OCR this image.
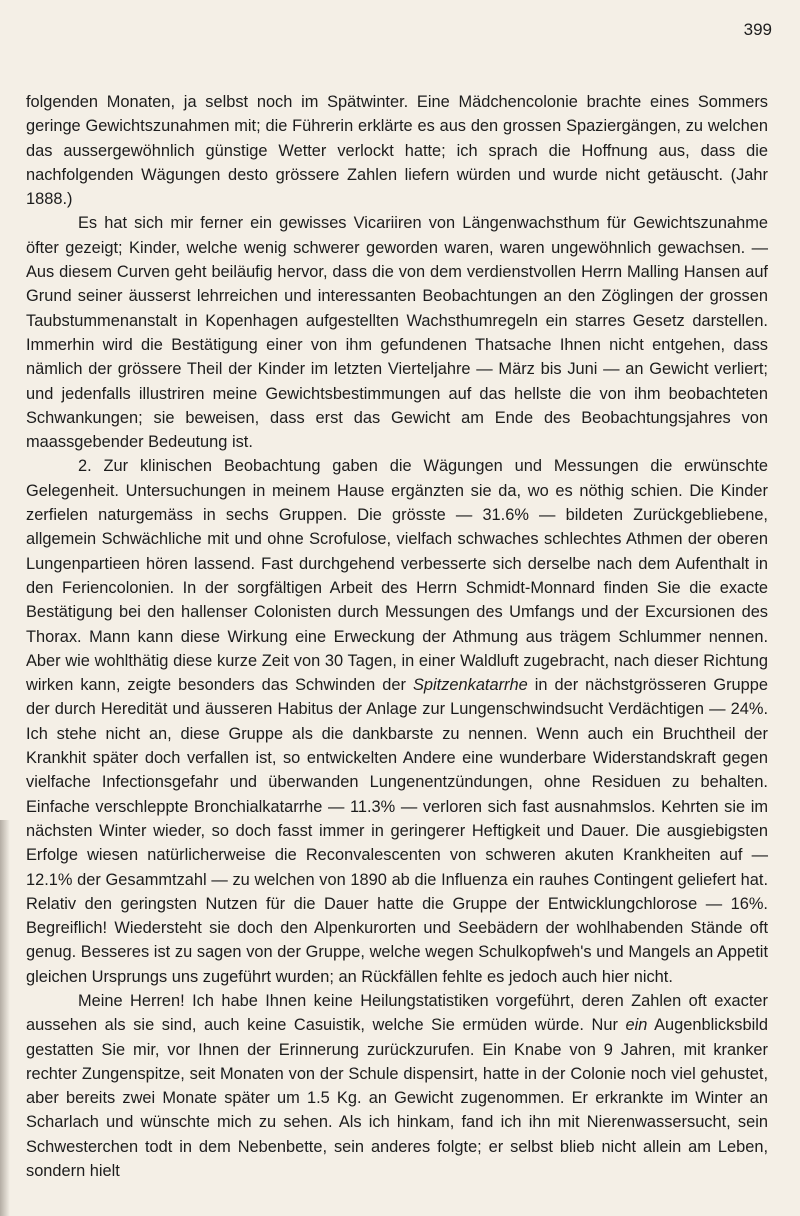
399

folgenden Monaten, ja selbst noch im Spätwinter. Eine Mädchencolonie brachte eines Sommers geringe Gewichtszunahmen mit; die Führerin erklärte es aus den grossen Spaziergängen, zu welchen das aussergewöhnlich günstige Wetter verlockt hatte; ich sprach die Hoffnung aus, dass die nachfolgenden Wägungen desto grössere Zahlen liefern würden und wurde nicht getäuscht. (Jahr 1888.)

Es hat sich mir ferner ein gewisses Vicariiren von Längenwachsthum für Gewichtszunahme öfter gezeigt; Kinder, welche wenig schwerer geworden waren, waren ungewöhnlich gewachsen. — Aus diesem Curven geht beiläufig hervor, dass die von dem verdienstvollen Herrn Malling Hansen auf Grund seiner äusserst lehrreichen und interessanten Beobachtungen an den Zöglingen der grossen Taubstummenanstalt in Kopenhagen aufgestellten Wachsthumregeln ein starres Gesetz darstellen. Immerhin wird die Bestätigung einer von ihm gefundenen Thatsache Ihnen nicht entgehen, dass nämlich der grössere Theil der Kinder im letzten Vierteljahre — März bis Juni — an Gewicht verliert; und jedenfalls illustriren meine Gewichtsbestimmungen auf das hellste die von ihm beobachteten Schwankungen; sie beweisen, dass erst das Gewicht am Ende des Beobachtungsjahres von maassgebender Bedeutung ist.

2. Zur klinischen Beobachtung gaben die Wägungen und Messungen die erwünschte Gelegenheit. Untersuchungen in meinem Hause ergänzten sie da, wo es nöthig schien. Die Kinder zerfielen naturgemäss in sechs Gruppen. Die grösste — 31.6% — bildeten Zurückgebliebene, allgemein Schwächliche mit und ohne Scrofulose, vielfach schwaches schlechtes Athmen der oberen Lungenpartieen hören lassend. Fast durchgehend verbesserte sich derselbe nach dem Aufenthalt in den Feriencolonien. In der sorgfältigen Arbeit des Herrn Schmidt-Monnard finden Sie die exacte Bestätigung bei den hallenser Colonisten durch Messungen des Umfangs und der Excursionen des Thorax. Mann kann diese Wirkung eine Erweckung der Athmung aus trägem Schlummer nennen. Aber wie wohlthätig diese kurze Zeit von 30 Tagen, in einer Waldluft zugebracht, nach dieser Richtung wirken kann, zeigte besonders das Schwinden der Spitzenkatarrhe in der nächstgrösseren Gruppe der durch Heredität und äusseren Habitus der Anlage zur Lungenschwindsucht Verdächtigen — 24%. Ich stehe nicht an, diese Gruppe als die dankbarste zu nennen. Wenn auch ein Bruchtheil der Krankhit später doch verfallen ist, so entwickelten Andere eine wunderbare Widerstandskraft gegen vielfache Infectionsgefahr und überwanden Lungenentzündungen, ohne Residuen zu behalten. Einfache verschleppte Bronchialkatarrhe — 11.3% — verloren sich fast ausnahmslos. Kehrten sie im nächsten Winter wieder, so doch fasst immer in geringerer Heftigkeit und Dauer. Die ausgiebigsten Erfolge wiesen natürlicherweise die Reconvalescenten von schweren akuten Krankheiten auf — 12.1% der Gesammtzahl — zu welchen von 1890 ab die Influenza ein rauhes Contingent geliefert hat. Relativ den geringsten Nutzen für die Dauer hatte die Gruppe der Entwicklungchlorose — 16%. Begreiflich! Wiedersteht sie doch den Alpenkurorten und Seebädern der wohlhabenden Stände oft genug. Besseres ist zu sagen von der Gruppe, welche wegen Schulkopfweh's und Mangels an Appetit gleichen Ursprungs uns zugeführt wurden; an Rückfällen fehlte es jedoch auch hier nicht.

Meine Herren! Ich habe Ihnen keine Heilungstatistiken vorgeführt, deren Zahlen oft exacter aussehen als sie sind, auch keine Casuistik, welche Sie ermüden würde. Nur ein Augenblicksbild gestatten Sie mir, vor Ihnen der Erinnerung zurückzurufen. Ein Knabe von 9 Jahren, mit kranker rechter Zungenspitze, seit Monaten von der Schule dispensirt, hatte in der Colonie noch viel gehustet, aber bereits zwei Monate später um 1.5 Kg. an Gewicht zugenommen. Er erkrankte im Winter an Scharlach und wünschte mich zu sehen. Als ich hinkam, fand ich ihn mit Nierenwassersucht, sein Schwesterchen todt in dem Nebenbette, sein anderes folgte; er selbst blieb nicht allein am Leben, sondern hielt
